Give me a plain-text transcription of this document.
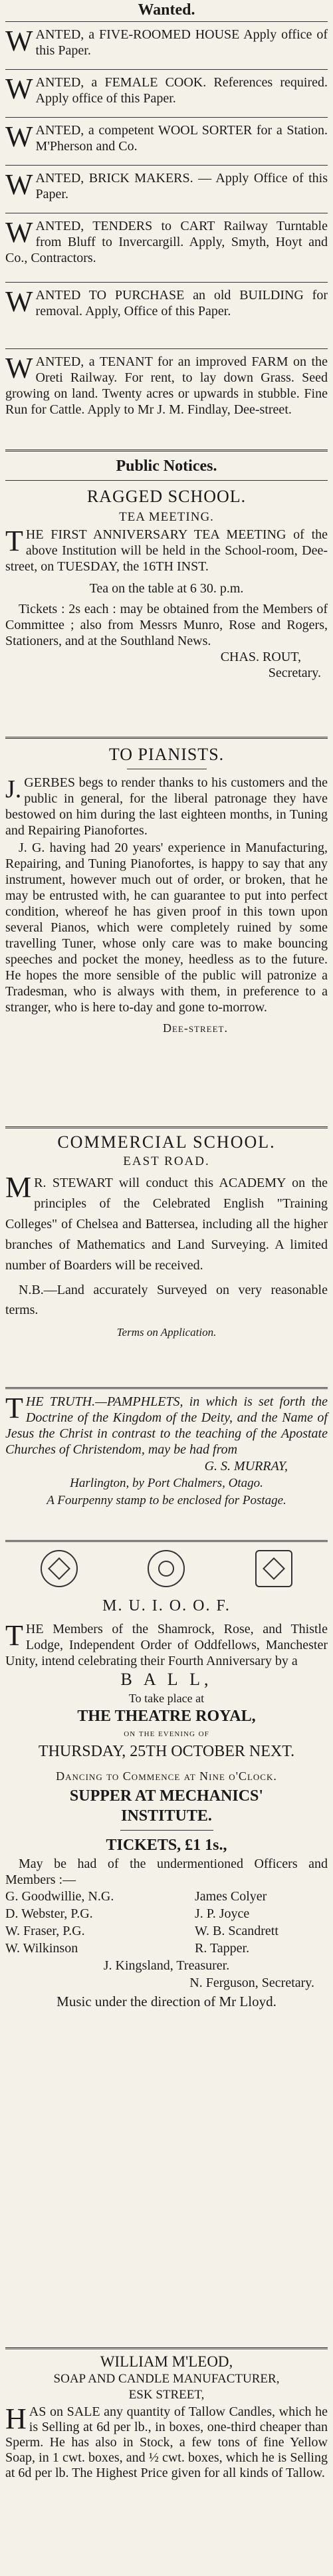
Wanted.
WANTED, a FIVE-ROOMED HOUSE Apply office of this Paper.
WANTED, a FEMALE COOK. References required. Apply office of this Paper.
WANTED, a competent WOOL SORTER for a Station. M'Pherson and Co.
WANTED, BRICK MAKERS. — Apply Office of this Paper.
WANTED, TENDERS to CART Railway Turntable from Bluff to Invercargill. Apply, Smyth, Hoyt and Co., Contractors.
WANTED TO PURCHASE an old BUILDING for removal. Apply, Office of this Paper.
WANTED, a TENANT for an improved FARM on the Oreti Railway. For rent, to lay down Grass. Seed growing on land. Twenty acres or upwards in stubble. Fine Run for Cattle. Apply to Mr J. M. Findlay, Dee-street.
Public Notices.
RAGGED SCHOOL.
TEA MEETING.
THE FIRST ANNIVERSARY TEA MEETING of the above Institution will be held in the School-room, Dee-street, on TUESDAY, the 16TH INST.
Tea on the table at 6 30. p.m.
Tickets : 2s each : may be obtained from the Members of Committee ; also from Messrs Munro, Rose and Rogers, Stationers, and at the Southland News.
CHAS. ROUT,
Secretary.
TO PIANISTS.
J. GERBES begs to render thanks to his customers and the public in general, for the liberal patronage they have bestowed on him during the last eighteen months, in Tuning and Repairing Pianofortes.
J. G. having had 20 years' experience in Manufacturing, Repairing, and Tuning Pianofortes, is happy to say that any instrument, however much out of order, or broken, that he may be entrusted with, he can guarantee to put into perfect condition, whereof he has given proof in this town upon several Pianos, which were completely ruined by some travelling Tuner, whose only care was to make bouncing speeches and pocket the money, heedless as to the future. He hopes the more sensible of the public will patronize a Tradesman, who is always with them, in preference to a stranger, who is here to-day and gone to-morrow.
Dee-street.
COMMERCIAL SCHOOL.
EAST ROAD.
M R. STEWART will conduct this ACADEMY on the principles of the Celebrated English "Training Colleges" of Chelsea and Battersea, including all the higher branches of Mathematics and Land Surveying. A limited number of Boarders will be received.
N.B.—Land accurately Surveyed on very reasonable terms.
Terms on Application.
THE TRUTH.—PAMPHLETS, in which is set forth the Doctrine of the Kingdom of the Deity, and the Name of Jesus the Christ in contrast to the teaching of the Apostate Churches of Christendom, may be had from
G. S. MURRAY,
Harlington, by Port Chalmers, Otago.
A Fourpenny stamp to be enclosed for Postage.
M. U. I. O. O. F.
THE Members of the Shamrock, Rose, and Thistle Lodge, Independent Order of Oddfellows, Manchester Unity, intend celebrating their Fourth Anniversary by a
B A L L,
To take place at
THE THEATRE ROYAL,
on the evening of
THURSDAY, 25TH OCTOBER NEXT.
Dancing to Commence at Nine o'Clock.
SUPPER AT MECHANICS' INSTITUTE.
TICKETS, £1 1s.,
May be had of the undermentioned Officers and Members :—
G. Goodwillie, N.G.	James Colyer
D. Webster, P.G.	J. P. Joyce
W. Fraser, P.G.	W. B. Scandrett
W. Wilkinson	R. Tapper.
J. Kingsland, Treasurer.
N. Ferguson, Secretary.
Music under the direction of Mr Lloyd.
WILLIAM M'LEOD,
SOAP AND CANDLE MANUFACTURER,
ESK STREET,
HAS on SALE any quantity of Tallow Candles, which he is Selling at 6d per lb., in boxes, one-third cheaper than Sperm. He has also in Stock, a few tons of fine Yellow Soap, in 1 cwt. boxes, and ½ cwt. boxes, which he is Selling at 6d per lb. The Highest Price given for all kinds of Tallow.
